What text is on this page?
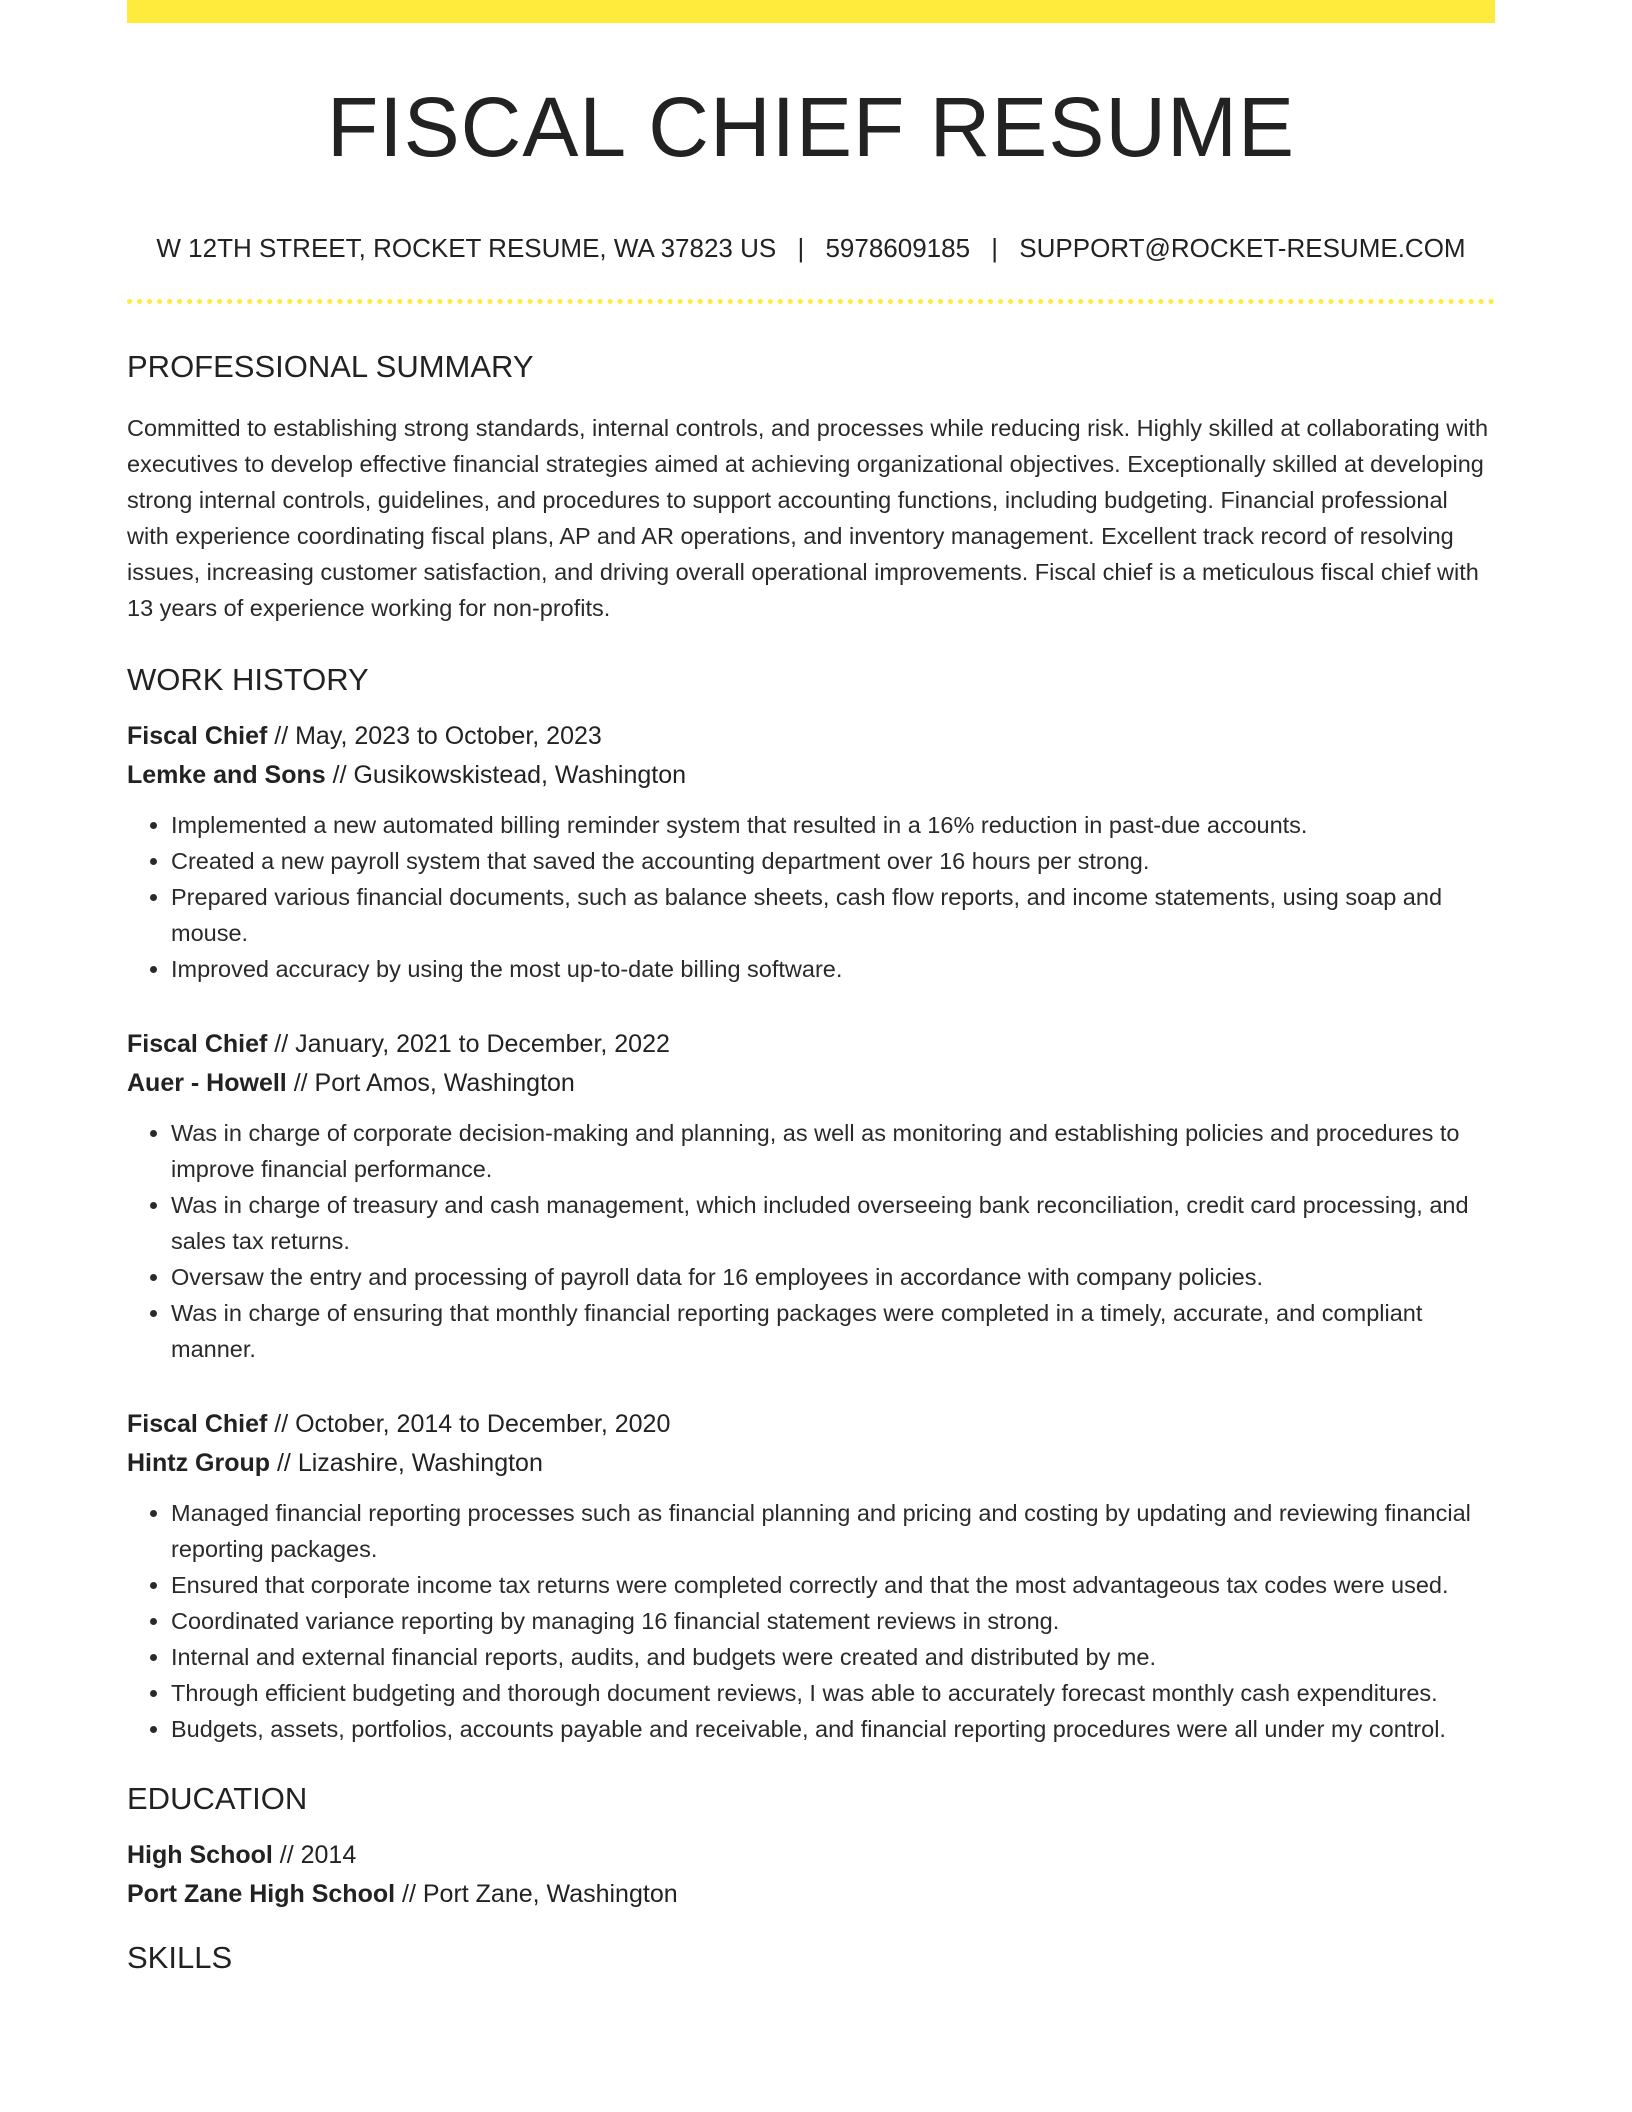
FISCAL CHIEF RESUME
W 12TH STREET, ROCKET RESUME, WA 37823 US | 5978609185 | SUPPORT@ROCKET-RESUME.COM
PROFESSIONAL SUMMARY

Committed to establishing strong standards, internal controls, and processes while reducing risk. Highly skilled at collaborating with executives to develop effective financial strategies aimed at achieving organizational objectives. Exceptionally skilled at developing strong internal controls, guidelines, and procedures to support accounting functions, including budgeting. Financial professional with experience coordinating fiscal plans, AP and AR operations, and inventory management. Excellent track record of resolving issues, increasing customer satisfaction, and driving overall operational improvements. Fiscal chief is a meticulous fiscal chief with 13 years of experience working for non-profits.

WORK HISTORY
Fiscal Chief // May, 2023 to October, 2023
Lemke and Sons // Gusikowskistead, Washington
• Implemented a new automated billing reminder system that resulted in a 16% reduction in past-due accounts.
• Created a new payroll system that saved the accounting department over 16 hours per strong.
• Prepared various financial documents, such as balance sheets, cash flow reports, and income statements, using soap and mouse.
• Improved accuracy by using the most up-to-date billing software.
Fiscal Chief // January, 2021 to December, 2022
Auer - Howell // Port Amos, Washington
• Was in charge of corporate decision-making and planning, as well as monitoring and establishing policies and procedures to improve financial performance.
• Was in charge of treasury and cash management, which included overseeing bank reconciliation, credit card processing, and sales tax returns.
• Oversaw the entry and processing of payroll data for 16 employees in accordance with company policies.
• Was in charge of ensuring that monthly financial reporting packages were completed in a timely, accurate, and compliant manner.
Fiscal Chief // October, 2014 to December, 2020
Hintz Group // Lizashire, Washington
• Managed financial reporting processes such as financial planning and pricing and costing by updating and reviewing financial reporting packages.
• Ensured that corporate income tax returns were completed correctly and that the most advantageous tax codes were used.
• Coordinated variance reporting by managing 16 financial statement reviews in strong.
• Internal and external financial reports, audits, and budgets were created and distributed by me.
• Through efficient budgeting and thorough document reviews, I was able to accurately forecast monthly cash expenditures.
• Budgets, assets, portfolios, accounts payable and receivable, and financial reporting procedures were all under my control.
EDUCATION
High School // 2014
Port Zane High School // Port Zane, Washington
SKILLS
